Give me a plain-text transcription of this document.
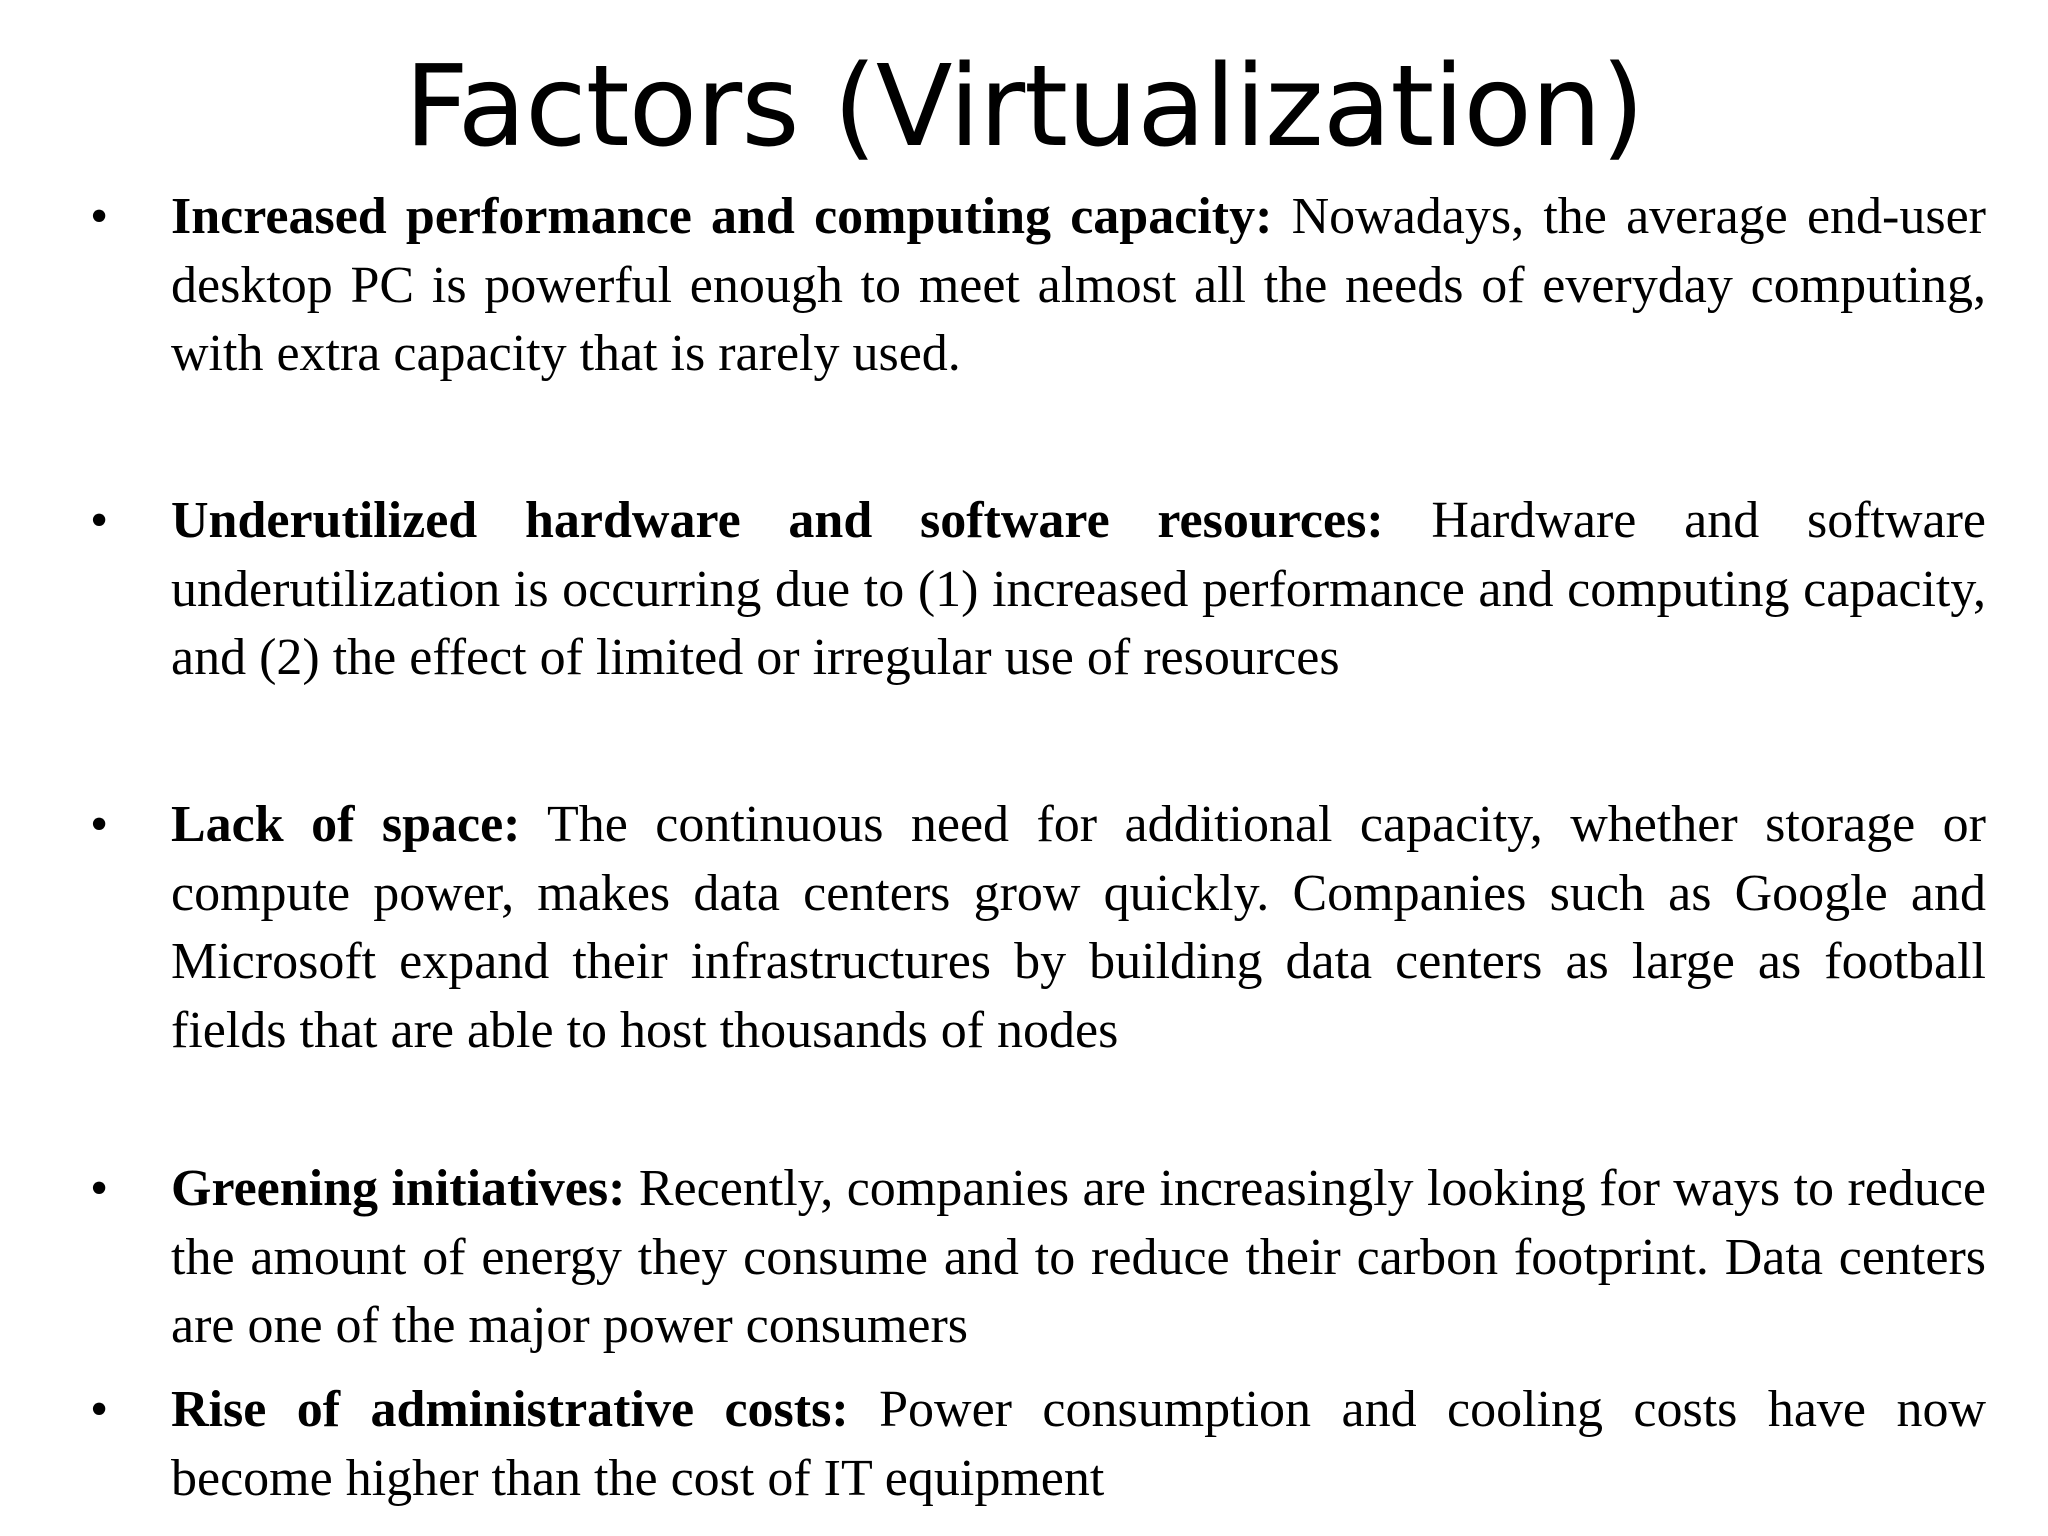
Factors (Virtualization)
• Increased performance and computing capacity: Nowadays, the average end-user desktop PC is powerful enough to meet almost all the needs of everyday computing, with extra capacity that is rarely used.

• Underutilized hardware and software resources: Hardware and software underutilization is occurring due to (1) increased performance and computing capacity, and (2) the effect of limited or irregular use of resources

• Lack of space: The continuous need for additional capacity, whether storage or compute power, makes data centers grow quickly. Companies such as Google and Microsoft expand their infrastructures by building data centers as large as football fields that are able to host thousands of nodes

• Greening initiatives: Recently, companies are increasingly looking for ways to reduce the amount of energy they consume and to reduce their carbon footprint. Data centers are one of the major power consumers

• Rise of administrative costs: Power consumption and cooling costs have now become higher than the cost of IT equipment
